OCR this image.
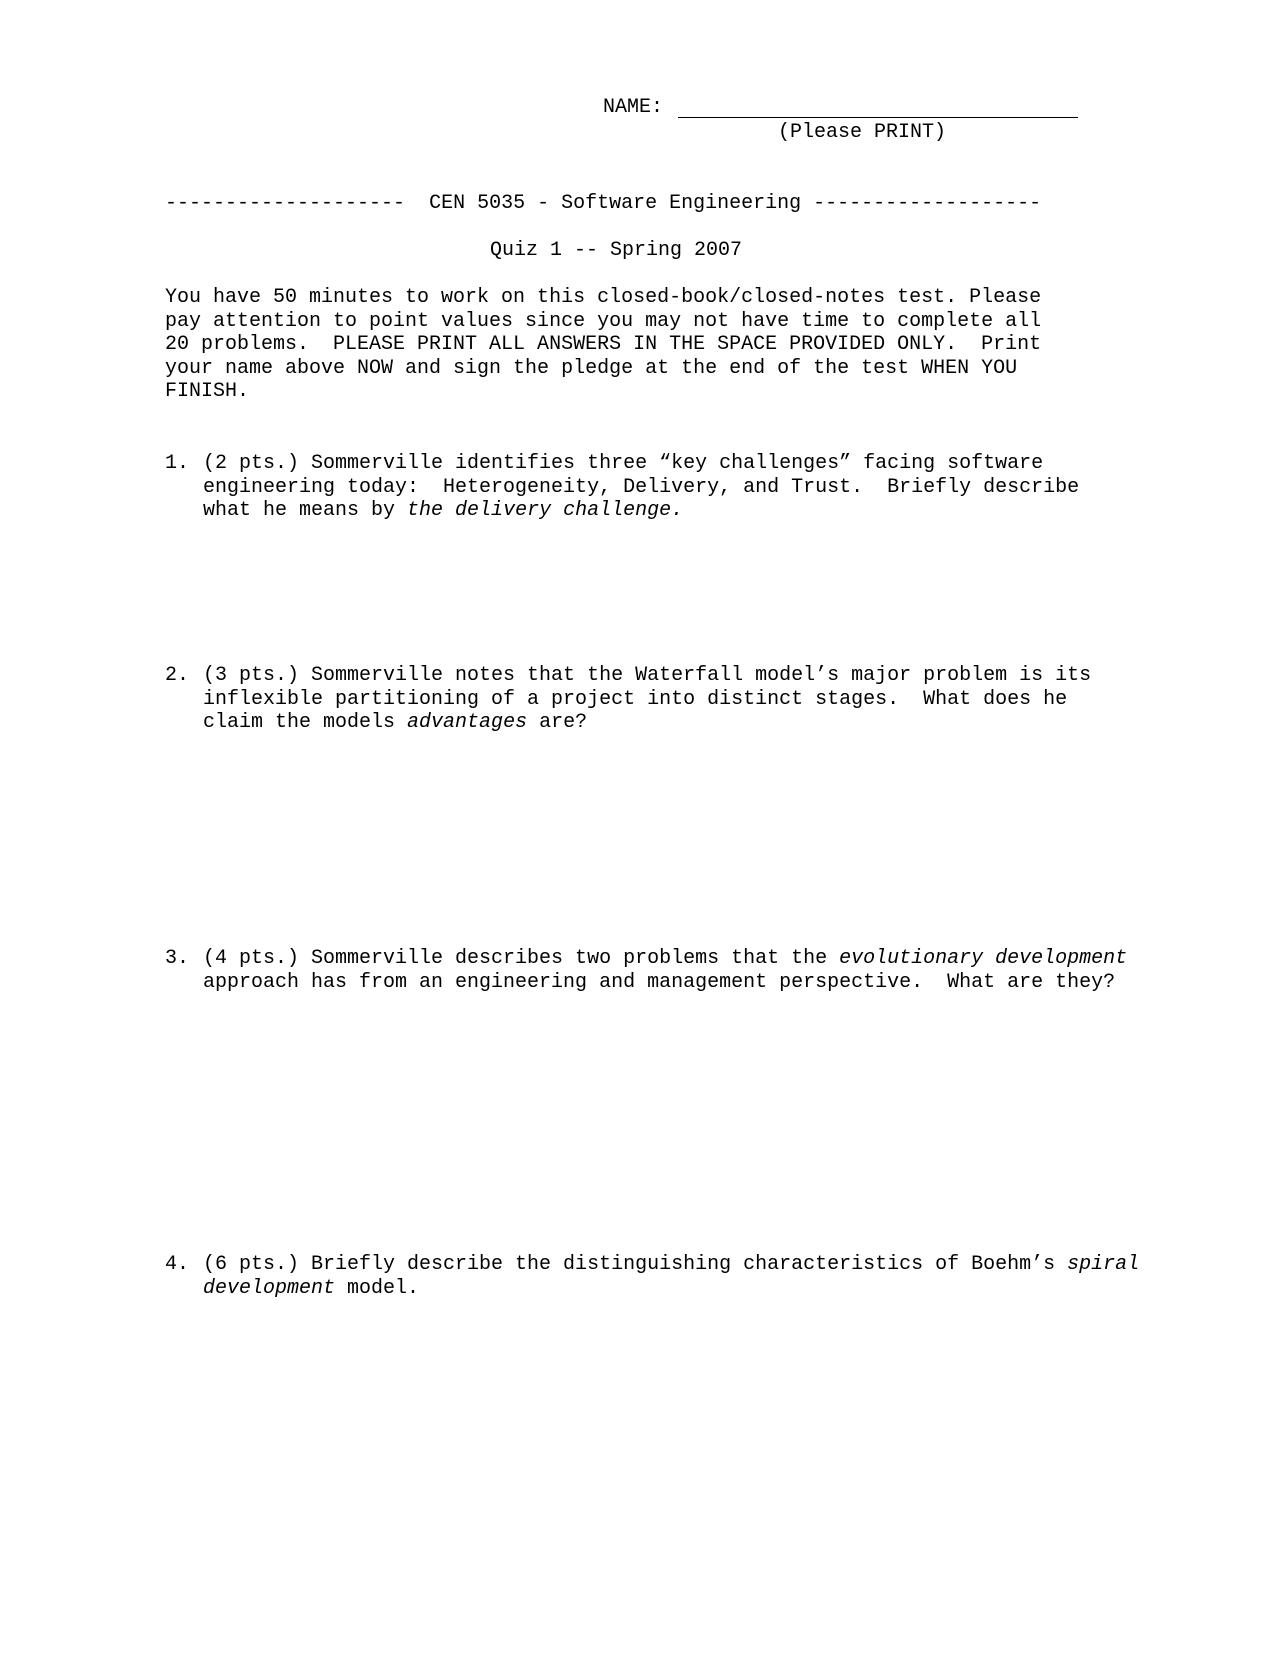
NAME:
(Please PRINT)
-------------------- CEN 5035 - Software Engineering -------------------
Quiz 1 -- Spring 2007
You have 50 minutes to work on this closed-book/closed-notes test. Please
pay attention to point values since you may not have time to complete all
20 problems.  PLEASE PRINT ALL ANSWERS IN THE SPACE PROVIDED ONLY.  Print
your name above NOW and sign the pledge at the end of the test WHEN YOU
FINISH.
1. (2 pts.) Sommerville identifies three “key challenges” facing software
engineering today:  Heterogeneity, Delivery, and Trust.  Briefly describe
what he means by the delivery challenge.
2. (3 pts.) Sommerville notes that the Waterfall model’s major problem is its
inflexible partitioning of a project into distinct stages.  What does he
claim the models advantages are?
3. (4 pts.) Sommerville describes two problems that the evolutionary development
approach has from an engineering and management perspective.  What are they?
4. (6 pts.) Briefly describe the distinguishing characteristics of Boehm’s spiral
development model.
